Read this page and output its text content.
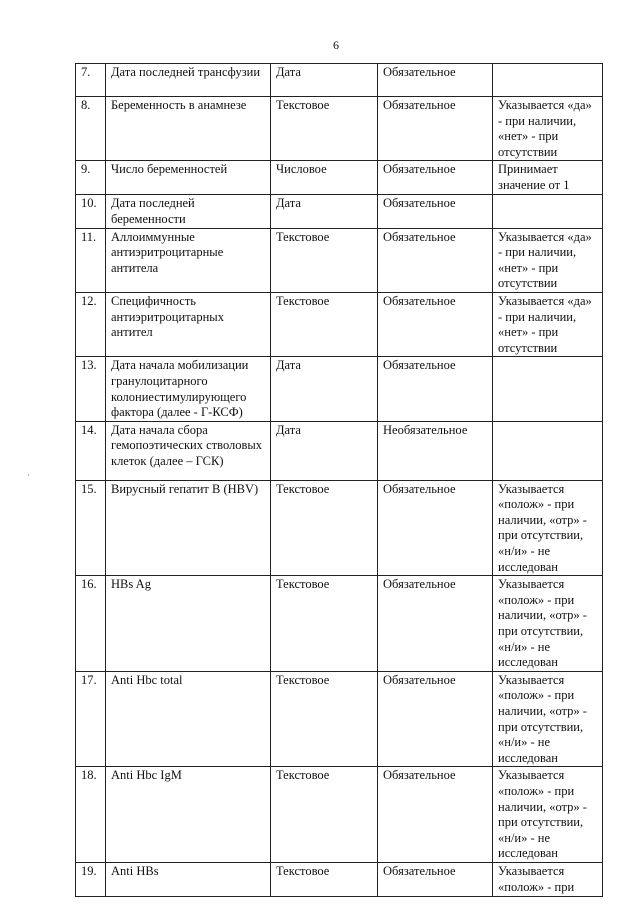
6
·
7.	Дата последней трансфузии	Дата	Обязательное	
8.	Беременность в анамнезе	Текстовое	Обязательное	Указывается «да» - при наличии, «нет» - при отсутствии
9.	Число беременностей	Числовое	Обязательное	Принимает значение от 1
10.	Дата последней беременности	Дата	Обязательное	
11.	Аллоиммунные антиэритроцитарные антитела	Текстовое	Обязательное	Указывается «да» - при наличии, «нет» - при отсутствии
12.	Специфичность антиэритроцитарных антител	Текстовое	Обязательное	Указывается «да» - при наличии, «нет» - при отсутствии
13.	Дата начала мобилизации гранулоцитарного колониестимулирующего фактора (далее - Г-КСФ)	Дата	Обязательное	
14.	Дата начала сбора гемопоэтических стволовых клеток (далее – ГСК)	Дата	Необязательное	
15.	Вирусный гепатит В (HBV)	Текстовое	Обязательное	Указывается «полож» - при наличии, «отр» - при отсутствии, «н/и» - не исследован
16.	HBs Ag	Текстовое	Обязательное	Указывается «полож» - при наличии, «отр» - при отсутствии, «н/и» - не исследован
17.	Anti Hbc total	Текстовое	Обязательное	Указывается «полож» - при наличии, «отр» - при отсутствии, «н/и» - не исследован
18.	Anti Hbc IgM	Текстовое	Обязательное	Указывается «полож» - при наличии, «отр» - при отсутствии, «н/и» - не исследован
19.	Anti HBs	Текстовое	Обязательное	Указывается «полож» - при
